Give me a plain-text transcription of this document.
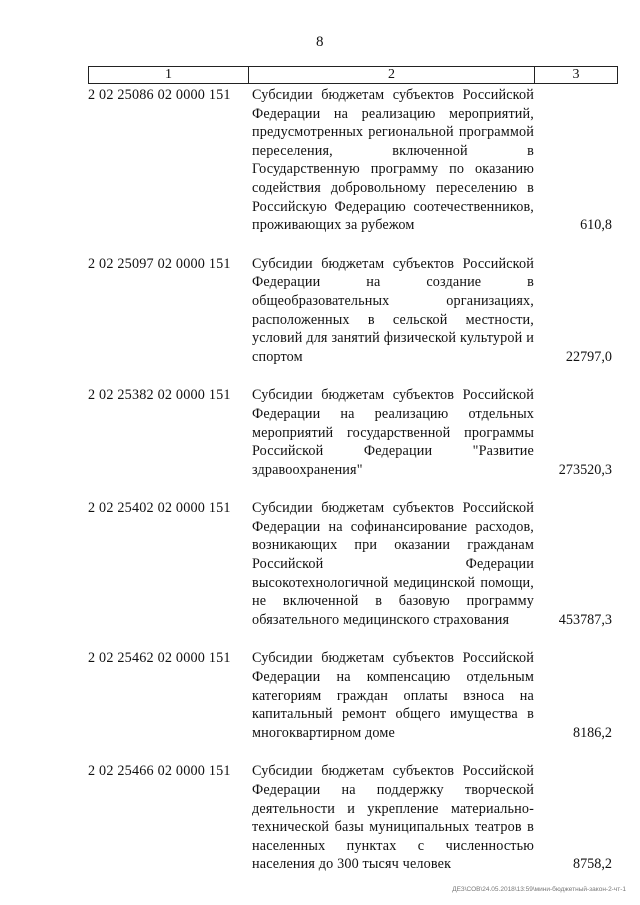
8
1	2	3
2 02 25086 02 0000 151	Субсидии бюджетам субъектов Российской Федерации на реализацию мероприятий, предусмотренных региональной программой переселения, включенной в Государственную программу по оказанию содействия добровольному переселению в Российскую Федерацию соотечественников, проживающих за рубежом	610,8
2 02 25097 02 0000 151	Субсидии бюджетам субъектов Российской Федерации на создание в общеобразовательных организациях, расположенных в сельской местности, условий для занятий физической культурой и спортом	22797,0
2 02 25382 02 0000 151	Субсидии бюджетам субъектов Российской Федерации на реализацию отдельных мероприятий государственной программы Российской Федерации "Развитие здравоохранения"	273520,3
2 02 25402 02 0000 151	Субсидии бюджетам субъектов Российской Федерации на софинансирование расходов, возникающих при оказании гражданам Российской Федерации высокотехнологичной медицинской помощи, не включенной в базовую программу обязательного медицинского страхования	453787,3
2 02 25462 02 0000 151	Субсидии бюджетам субъектов Российской Федерации на компенсацию отдельным категориям граждан оплаты взноса на капитальный ремонт общего имущества в многоквартирном доме	8186,2
2 02 25466 02 0000 151	Субсидии бюджетам субъектов Российской Федерации на поддержку творческой деятельности и укрепление материально-технической базы муниципальных театров в населенных пунктах с численностью населения до 300 тысяч человек	8758,2
ДЕЗ\СОВ\24.05.2018\13:59\мини-бюджетный-закон-2-чт-1
